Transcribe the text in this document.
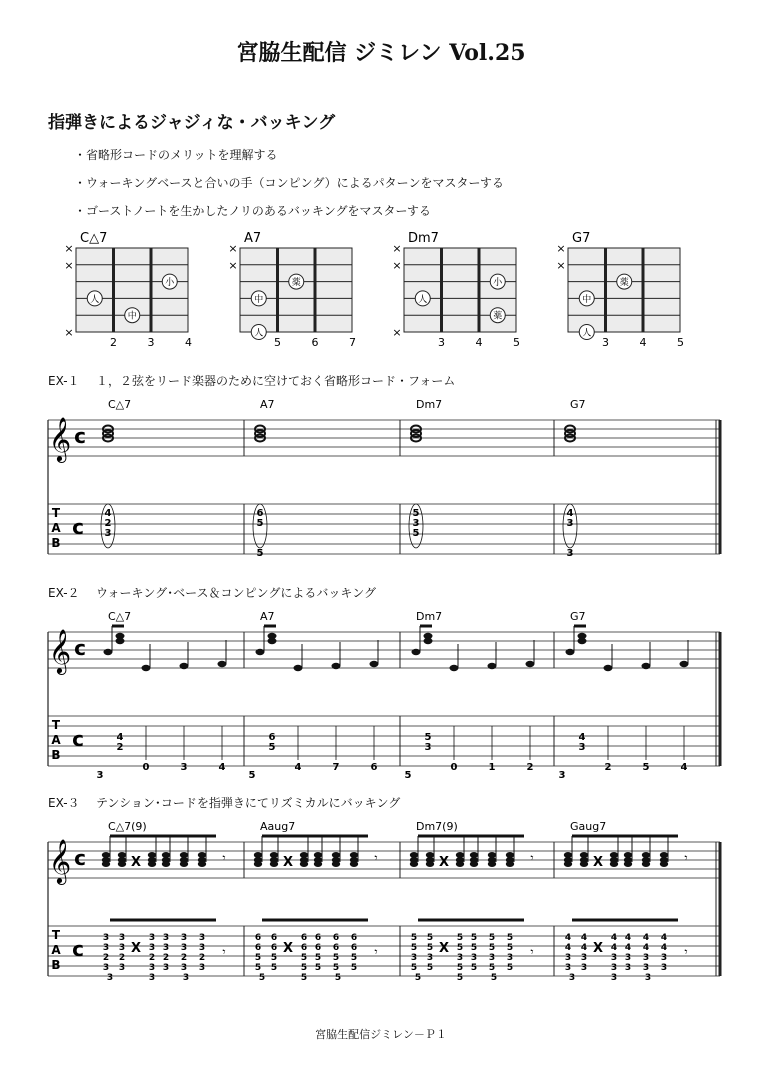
宮脇生配信 ジミレン Vol.25
指弾きによるジャジィな・バッキング
・省略形コードのメリットを理解する
・ウォーキングベースと合いの手（コンピング）によるパターンをマスターする
・ゴーストノートを生かしたノリのあるバッキングをマスターする
C△7
×
×
×
2	3	4
人
中
小
A7
×
×
5	6	7
中
人
薬
Dm7
×
×
×
3	4	5
人
小
薬
G7
×
×
3	4	5
中
人
薬
EX-１ １，２弦をリード楽器のために空けておく省略形コード・フォーム
EX-２ ウォーキング･ベース＆コンピングによるバッキング
EX-３ テンション･コードを指弾きにてリズミカルにバッキング
C△7	A7	Dm7	G7
𝄞 c
T
A
B
c
4
2
3
6
5
5
5
3
5
4
3
3
C△7	A7	Dm7	G7
𝄞 c
T
A
B
c	4
2
3
0	3	4
6
5
5
4	7	6
5
3
5
0	1	2
4
3
3
2	5	4
C△7(9)	Aaug7	Dm7(9)	Gaug7
𝄞 c
T
A
B
c 3
3
2
3
3
3
2
3
X
X
3
3
2
3
3
3
2
3
3
3
2
3
3
3
2
3
𝄾
𝄾
3	3	3
6
6
5
5
6
6
5
5
X
X
6
6
5
5
6
6
5
5
6
6
5
5
6
6
5
5
𝄾
𝄾
5	5	5
5
5
3
5
5
5
3
5
X
X
5
5
3
5
5
5
3
5
5
5
3
5
5
5
3
5
𝄾
𝄾
5	5	5
4
4
3
3
4
4
3
3
X
X
4
4
3
3
4
4
3
3
4
4
3
3
4
4
3
3
𝄾
𝄾
3	3	3
宮脇生配信ジミレン－Ｐ１
